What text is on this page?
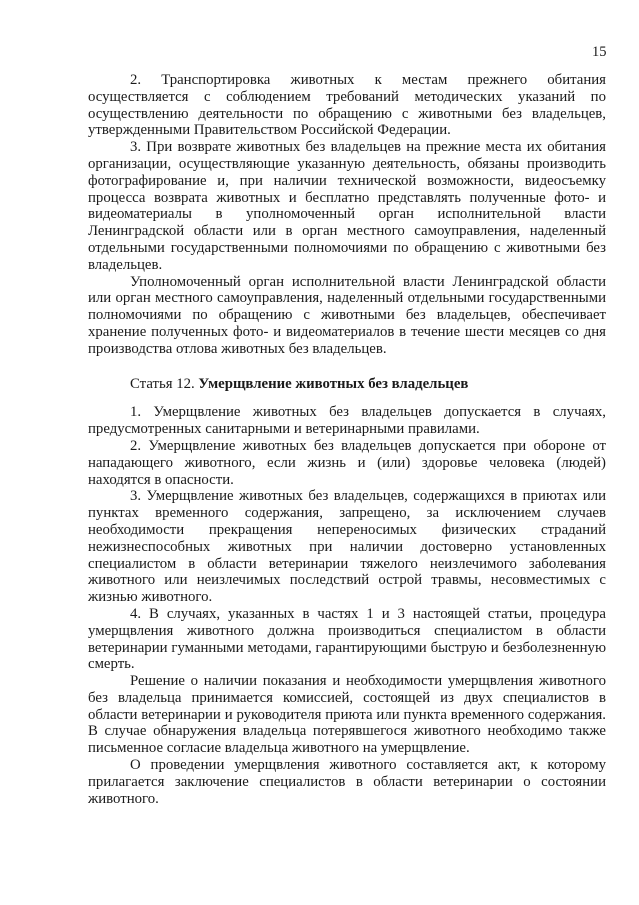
15

2. Транспортировка животных к местам прежнего обитания осуществляется с соблюдением требований методических указаний по осуществлению деятельности по обращению с животными без владельцев, утвержденными Правительством Российской Федерации.

3. При возврате животных без владельцев на прежние места их обитания организации, осуществляющие указанную деятельность, обязаны производить фотографирование и, при наличии технической возможности, видеосъемку процесса возврата животных и бесплатно представлять полученные фото- и видеоматериалы в уполномоченный орган исполнительной власти Ленинградской области или в орган местного самоуправления, наделенный отдельными государственными полномочиями по обращению с животными без владельцев.

Уполномоченный орган исполнительной власти Ленинградской области или орган местного самоуправления, наделенный отдельными государственными полномочиями по обращению с животными без владельцев, обеспечивает хранение полученных фото- и видеоматериалов в течение шести месяцев со дня производства отлова животных без владельцев.

Статья 12. Умерщвление животных без владельцев

1. Умерщвление животных без владельцев допускается в случаях, предусмотренных санитарными и ветеринарными правилами.

2. Умерщвление животных без владельцев допускается при обороне от нападающего животного, если жизнь и (или) здоровье человека (людей) находятся в опасности.

3. Умерщвление животных без владельцев, содержащихся в приютах или пунктах временного содержания, запрещено, за исключением случаев необходимости прекращения непереносимых физических страданий нежизнеспособных животных при наличии достоверно установленных специалистом в области ветеринарии тяжелого неизлечимого заболевания животного или неизлечимых последствий острой травмы, несовместимых с жизнью животного.

4. В случаях, указанных в частях 1 и 3 настоящей статьи, процедура умерщвления животного должна производиться специалистом в области ветеринарии гуманными методами, гарантирующими быструю и безболезненную смерть.

Решение о наличии показания и необходимости умерщвления животного без владельца принимается комиссией, состоящей из двух специалистов в области ветеринарии и руководителя приюта или пункта временного содержания. В случае обнаружения владельца потерявшегося животного необходимо также письменное согласие владельца животного на умерщвление.

О проведении умерщвления животного составляется акт, к которому прилагается заключение специалистов в области ветеринарии о состоянии животного.
